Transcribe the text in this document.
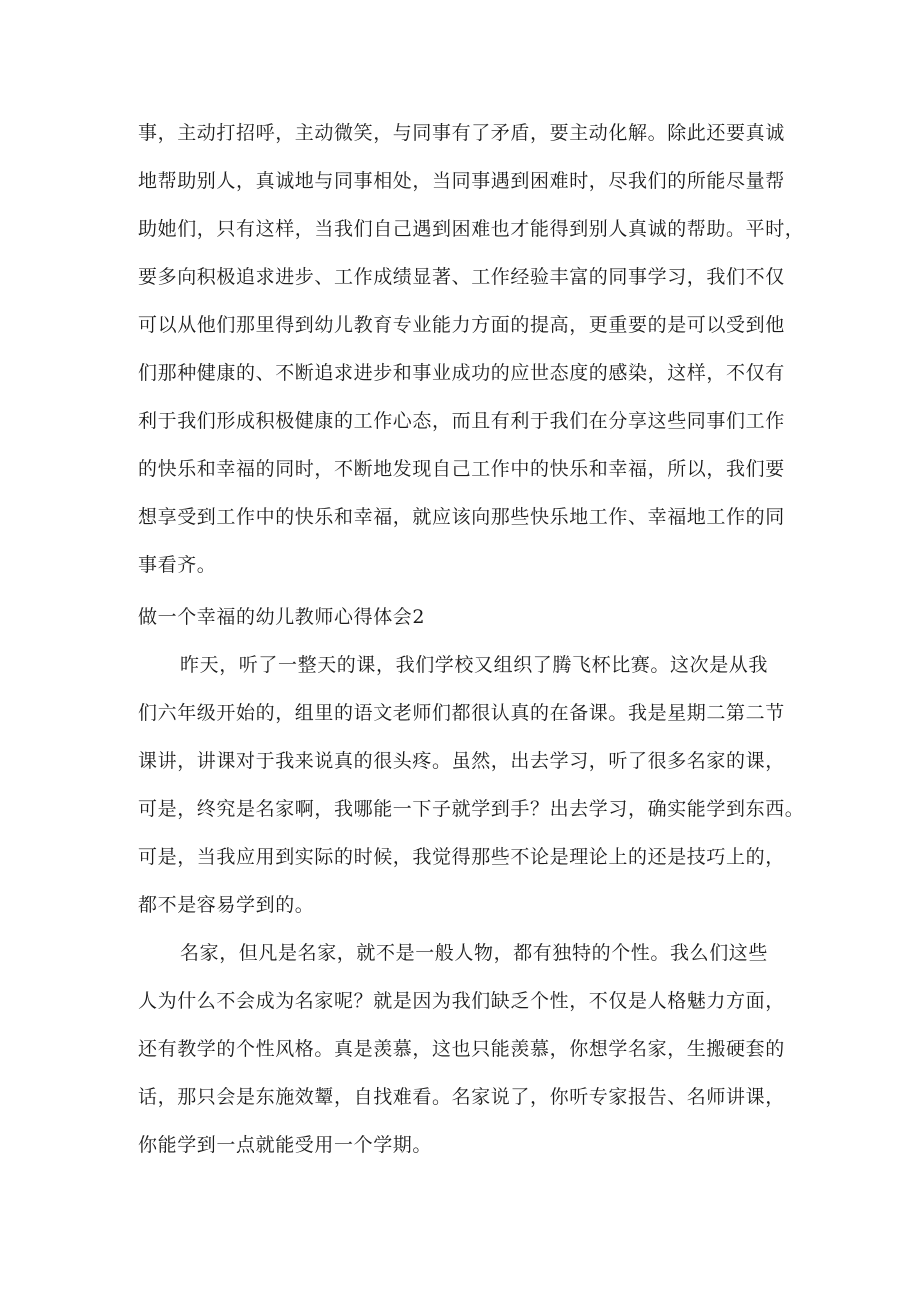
事，主动打招呼，主动微笑，与同事有了矛盾，要主动化解。除此还要真诚
地帮助别人，真诚地与同事相处，当同事遇到困难时，尽我们的所能尽量帮
助她们，只有这样，当我们自己遇到困难也才能得到别人真诚的帮助。平时，
要多向积极追求进步、工作成绩显著、工作经验丰富的同事学习，我们不仅
可以从他们那里得到幼儿教育专业能力方面的提高，更重要的是可以受到他
们那种健康的、不断追求进步和事业成功的应世态度的感染，这样，不仅有
利于我们形成积极健康的工作心态，而且有利于我们在分享这些同事们工作
的快乐和幸福的同时，不断地发现自己工作中的快乐和幸福，所以，我们要
想享受到工作中的快乐和幸福，就应该向那些快乐地工作、幸福地工作的同
事看齐。
做一个幸福的幼儿教师心得体会2
昨天，听了一整天的课，我们学校又组织了腾飞杯比赛。这次是从我
们六年级开始的，组里的语文老师们都很认真的在备课。我是星期二第二节
课讲，讲课对于我来说真的很头疼。虽然，出去学习，听了很多名家的课，
可是，终究是名家啊，我哪能一下子就学到手？出去学习，确实能学到东西。
可是，当我应用到实际的时候，我觉得那些不论是理论上的还是技巧上的，
都不是容易学到的。
名家，但凡是名家，就不是一般人物，都有独特的个性。我么们这些
人为什么不会成为名家呢？就是因为我们缺乏个性，不仅是人格魅力方面，
还有教学的个性风格。真是羡慕，这也只能羡慕，你想学名家，生搬硬套的
话，那只会是东施效颦，自找难看。名家说了，你听专家报告、名师讲课，
你能学到一点就能受用一个学期。
